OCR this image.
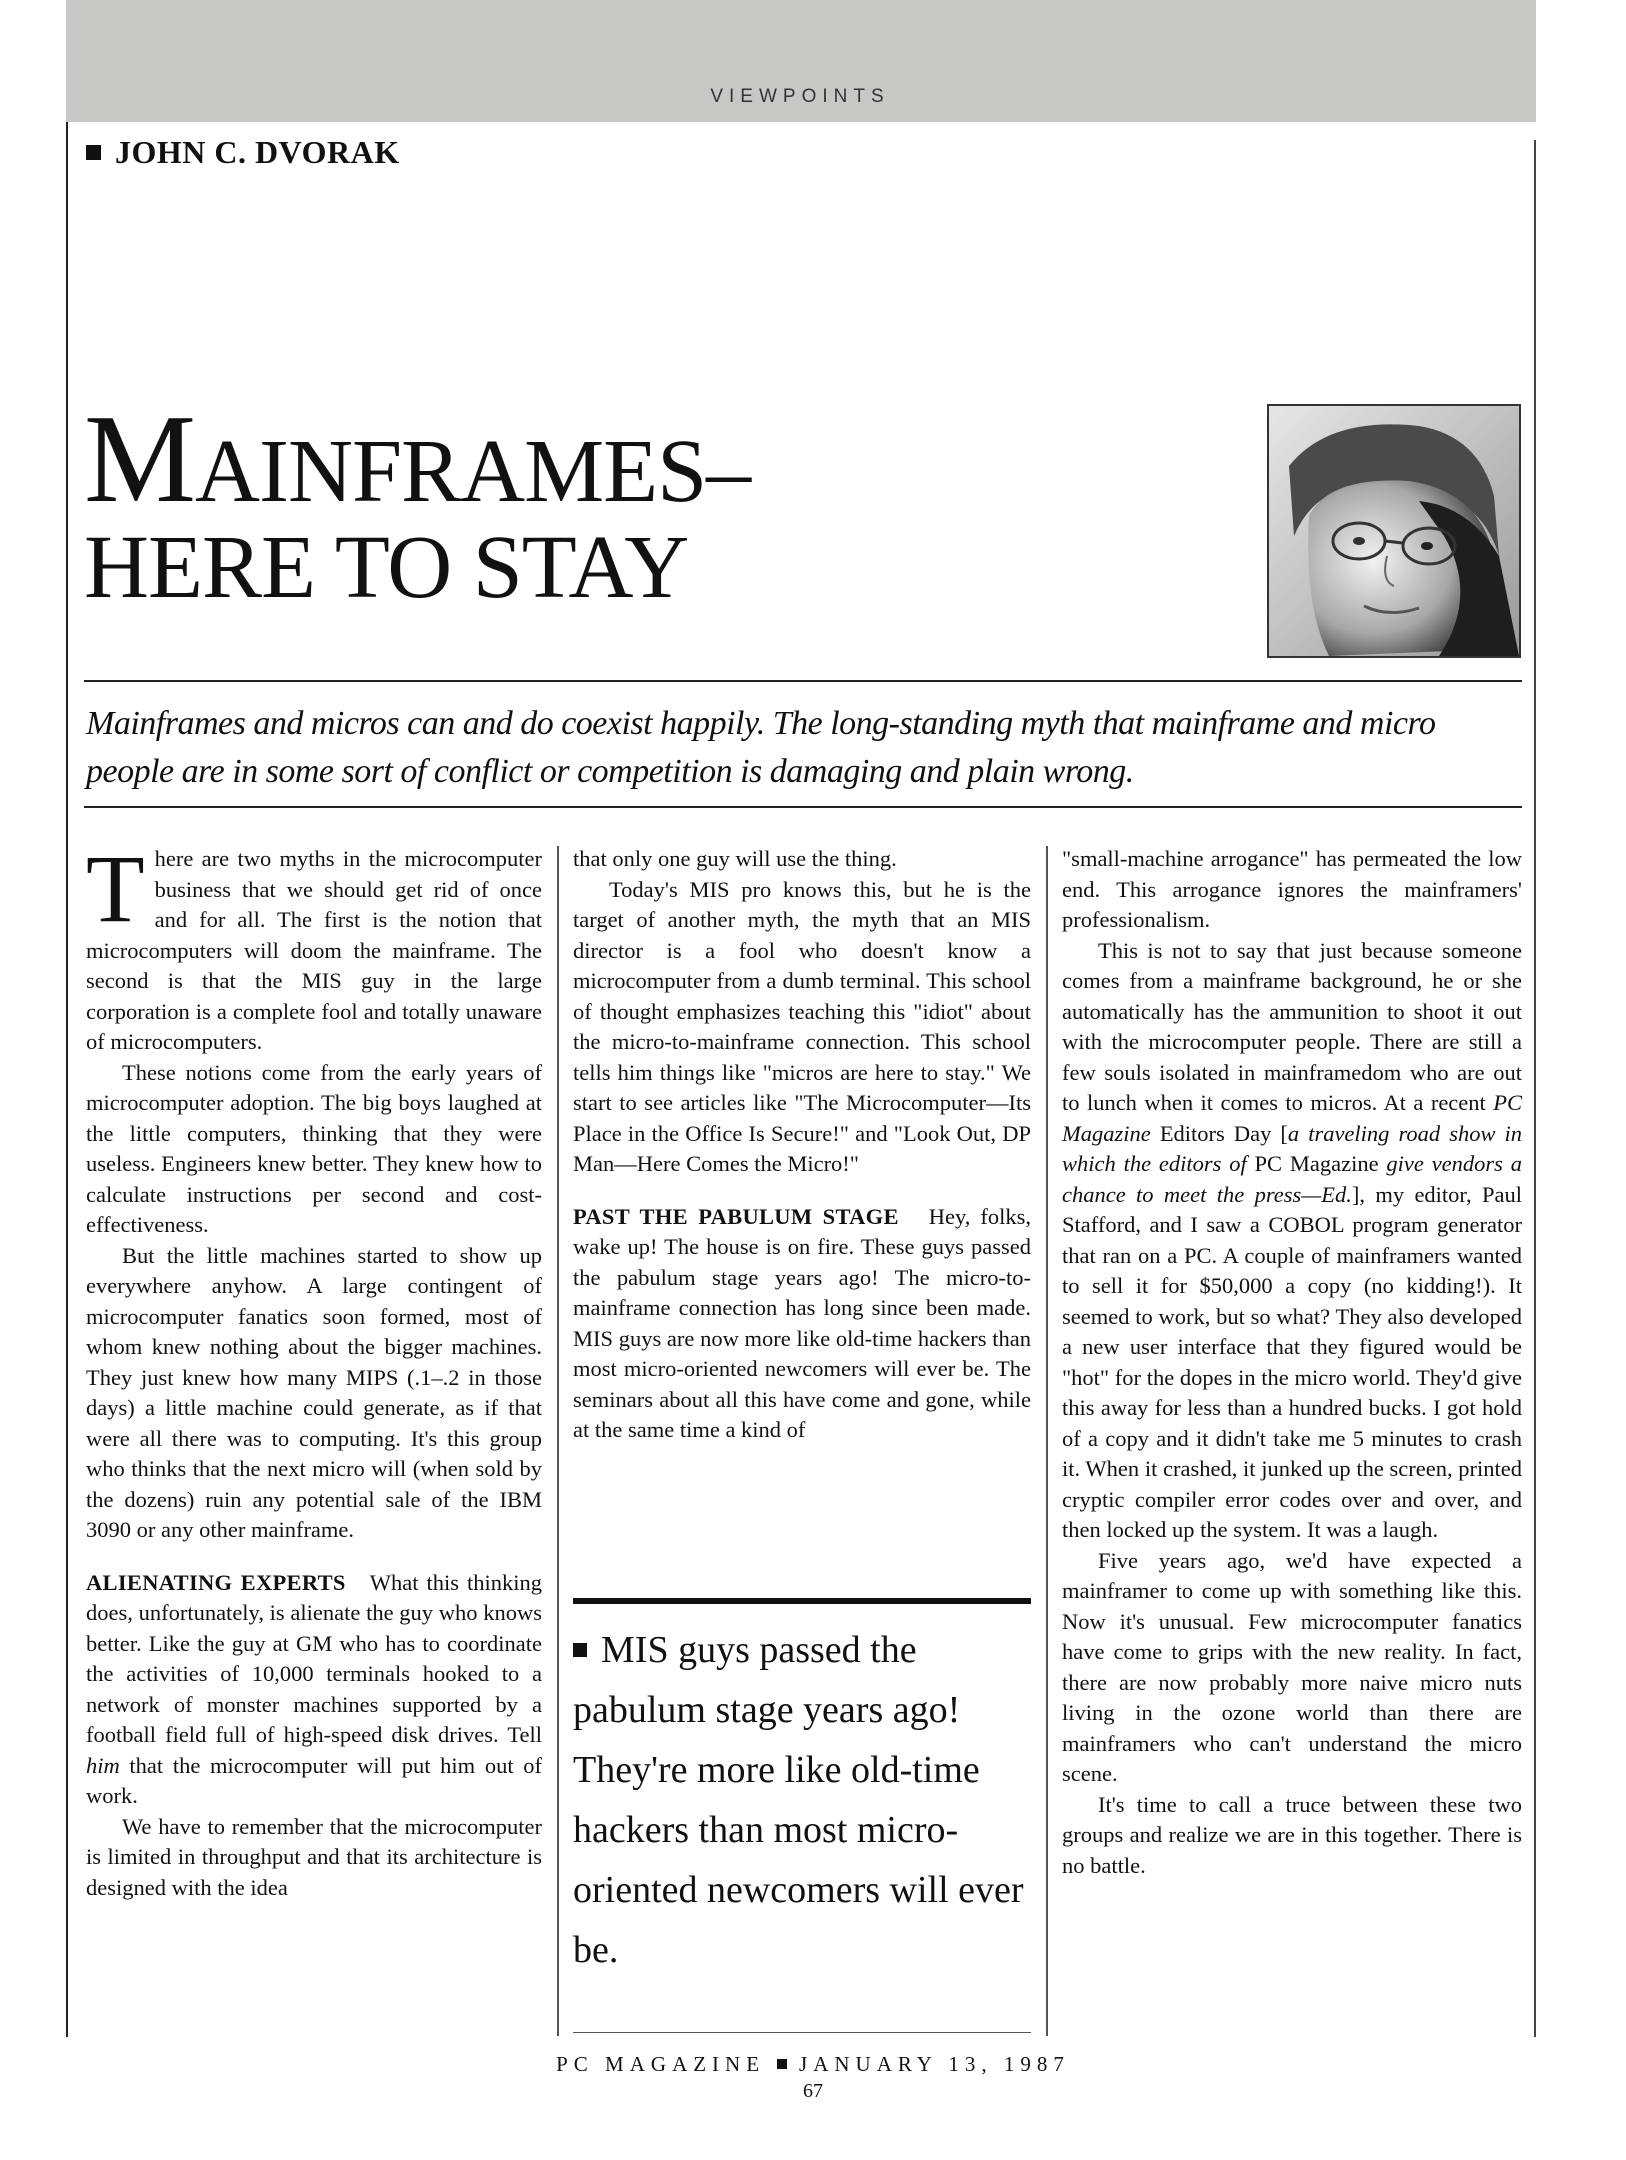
VIEWPOINTS
JOHN C. DVORAK
MAINFRAMES–
HERE TO STAY
Mainframes and micros can and do coexist happily. The long-standing myth that mainframe and micro people are in some sort of conflict or competition is damaging and plain wrong.

There are two myths in the microcomputer business that we should get rid of once and for all. The first is the notion that microcomputers will doom the mainframe. The second is that the MIS guy in the large corporation is a complete fool and totally unaware of microcomputers.

These notions come from the early years of microcomputer adoption. The big boys laughed at the little computers, thinking that they were useless. Engineers knew better. They knew how to calculate instructions per second and cost-effectiveness.

But the little machines started to show up everywhere anyhow. A large contingent of microcomputer fanatics soon formed, most of whom knew nothing about the bigger machines. They just knew how many MIPS (.1–.2 in those days) a little machine could generate, as if that were all there was to computing. It's this group who thinks that the next micro will (when sold by the dozens) ruin any potential sale of the IBM 3090 or any other mainframe.

ALIENATING EXPERTS What this thinking does, unfortunately, is alienate the guy who knows better. Like the guy at GM who has to coordinate the activities of 10,000 terminals hooked to a network of monster machines supported by a football field full of high-speed disk drives. Tell him that the microcomputer will put him out of work.

We have to remember that the microcomputer is limited in throughput and that its architecture is designed with the idea

that only one guy will use the thing.

Today's MIS pro knows this, but he is the target of another myth, the myth that an MIS director is a fool who doesn't know a microcomputer from a dumb terminal. This school of thought emphasizes teaching this "idiot" about the micro-to-mainframe connection. This school tells him things like "micros are here to stay." We start to see articles like "The Microcomputer—Its Place in the Office Is Secure!" and "Look Out, DP Man—Here Comes the Micro!"

PAST THE PABULUM STAGE Hey, folks, wake up! The house is on fire. These guys passed the pabulum stage years ago! The micro-to-mainframe connection has long since been made. MIS guys are now more like old-time hackers than most micro-oriented newcomers will ever be. The seminars about all this have come and gone, while at the same time a kind of

MIS guys passed the pabulum stage years ago! They're more like old-time hackers than most micro-oriented newcomers will ever be.

"small-machine arrogance" has permeated the low end. This arrogance ignores the mainframers' professionalism.

This is not to say that just because someone comes from a mainframe background, he or she automatically has the ammunition to shoot it out with the microcomputer people. There are still a few souls isolated in mainframedom who are out to lunch when it comes to micros. At a recent PC Magazine Editors Day [a traveling road show in which the editors of PC Magazine give vendors a chance to meet the press—Ed.], my editor, Paul Stafford, and I saw a COBOL program generator that ran on a PC. A couple of mainframers wanted to sell it for $50,000 a copy (no kidding!). It seemed to work, but so what? They also developed a new user interface that they figured would be "hot" for the dopes in the micro world. They'd give this away for less than a hundred bucks. I got hold of a copy and it didn't take me 5 minutes to crash it. When it crashed, it junked up the screen, printed cryptic compiler error codes over and over, and then locked up the system. It was a laugh.

Five years ago, we'd have expected a mainframer to come up with something like this. Now it's unusual. Few microcomputer fanatics have come to grips with the new reality. In fact, there are now probably more naive micro nuts living in the ozone world than there are mainframers who can't understand the micro scene.

It's time to call a truce between these two groups and realize we are in this together. There is no battle.

PC MAGAZINE JANUARY 13, 1987
67
